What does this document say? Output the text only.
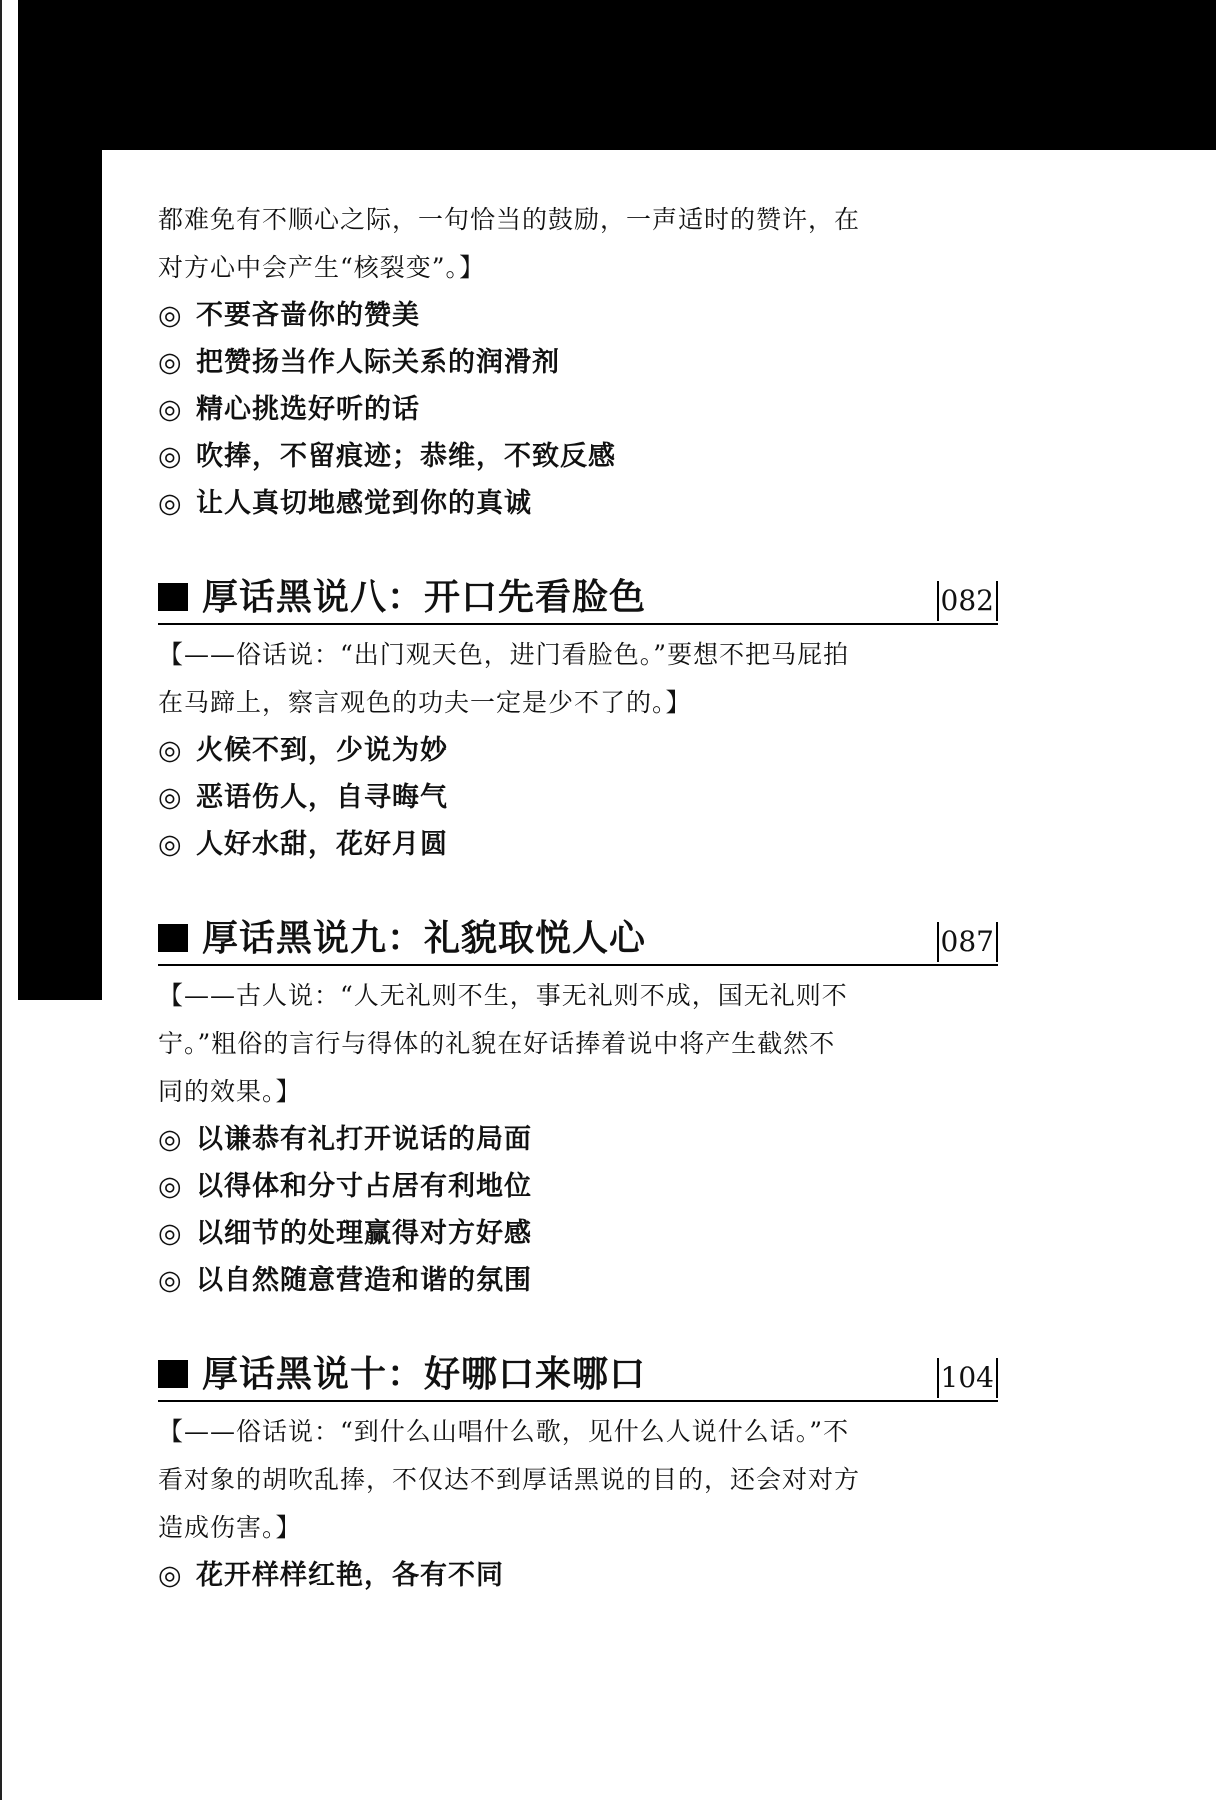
都难免有不顺心之际，一句恰当的鼓励，一声适时的赞许，在

对方心中会产生“核裂变”。】

◎ 不要吝啬你的赞美

◎ 把赞扬当作人际关系的润滑剂

◎ 精心挑选好听的话

◎ 吹捧，不留痕迹；恭维，不致反感

◎ 让人真切地感觉到你的真诚

厚话黑说八：开口先看脸色	082

【——俗话说：“出门观天色，进门看脸色。”要想不把马屁拍

在马蹄上，察言观色的功夫一定是少不了的。】

◎ 火候不到，少说为妙

◎ 恶语伤人，自寻晦气

◎ 人好水甜，花好月圆

厚话黑说九：礼貌取悦人心	087

【——古人说：“人无礼则不生，事无礼则不成，国无礼则不

宁。”粗俗的言行与得体的礼貌在好话捧着说中将产生截然不

同的效果。】

◎ 以谦恭有礼打开说话的局面

◎ 以得体和分寸占居有利地位

◎ 以细节的处理赢得对方好感

◎ 以自然随意营造和谐的氛围

厚话黑说十：好哪口来哪口	104

【——俗话说：“到什么山唱什么歌，见什么人说什么话。”不

看对象的胡吹乱捧，不仅达不到厚话黑说的目的，还会对对方

造成伤害。】

◎ 花开样样红艳，各有不同
